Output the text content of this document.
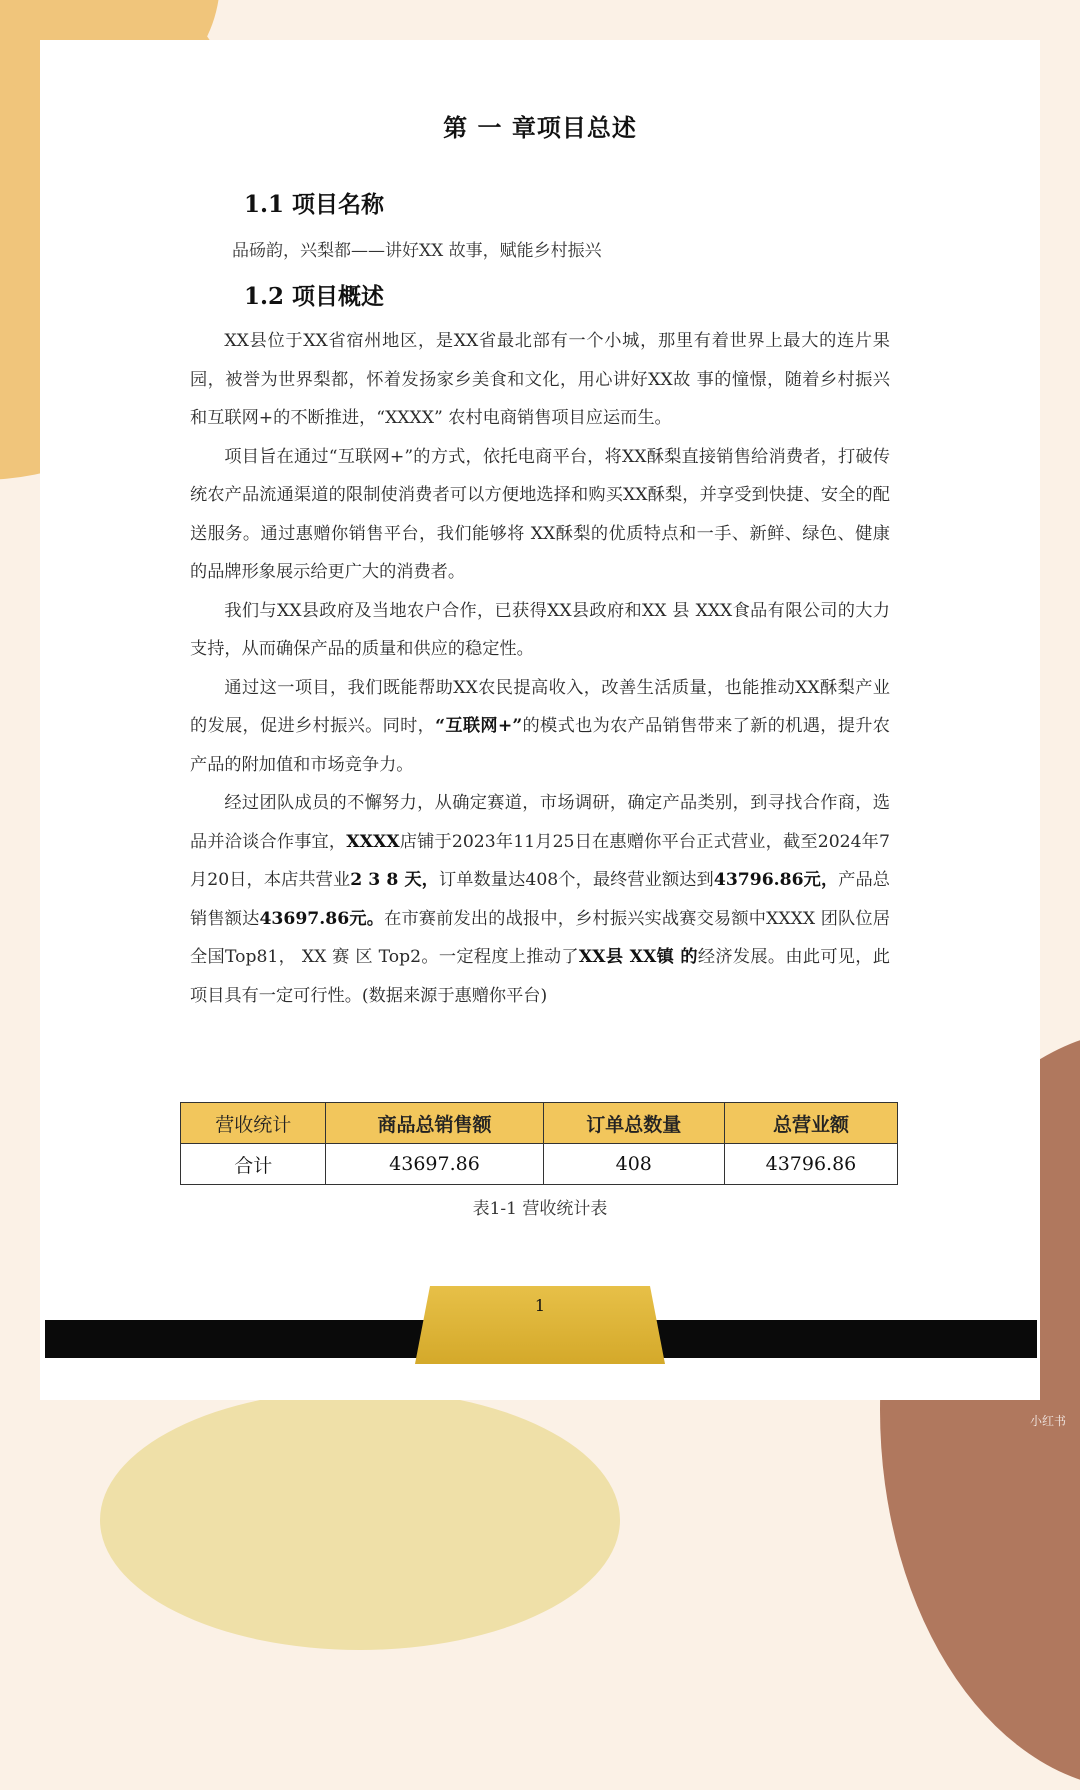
第 一 章项目总述
1.1 项目名称
品砀韵，兴梨都——讲好XX 故事，赋能乡村振兴
1.2 项目概述

XX县位于XX省宿州地区，是XX省最北部有一个小城，那里有着世界上最大的连片果园，被誉为世界梨都，怀着发扬家乡美食和文化，用心讲好XX故 事的憧憬，随着乡村振兴和互联网+的不断推进，“XXXX” 农村电商销售项目应运而生。

项目旨在通过“互联网+”的方式，依托电商平台，将XX酥梨直接销售给消费者，打破传统农产品流通渠道的限制使消费者可以方便地选择和购买XX酥梨，并享受到快捷、安全的配送服务。通过惠赠你销售平台，我们能够将 XX酥梨的优质特点和一手、新鲜、绿色、健康的品牌形象展示给更广大的消费者。

我们与XX县政府及当地农户合作，已获得XX县政府和XX 县 XXX食品有限公司的大力支持，从而确保产品的质量和供应的稳定性。

通过这一项目，我们既能帮助XX农民提高收入，改善生活质量，也能推动XX酥梨产业的发展，促进乡村振兴。同时，“互联网+”的模式也为农产品销售带来了新的机遇，提升农产品的附加值和市场竞争力。

经过团队成员的不懈努力，从确定赛道，市场调研，确定产品类别，到寻找合作商，选品并洽谈合作事宜，XXXX店铺于2023年11月25日在惠赠你平台正式营业，截至2024年7月20日，本店共营业2 3 8 天，订单数量达408个，最终营业额达到43796.86元，产品总销售额达43697.86元。在市赛前发出的战报中，乡村振兴实战赛交易额中XXXX 团队位居全国Top81， XX 赛 区 Top2。一定程度上推动了XX县 XX镇 的经济发展。由此可见，此项目具有一定可行性。(数据来源于惠赠你平台)

营收统计	商品总销售额	订单总数量	总营业额
合计	43697.86	408	43796.86
表1-1 营收统计表
1
小红书
